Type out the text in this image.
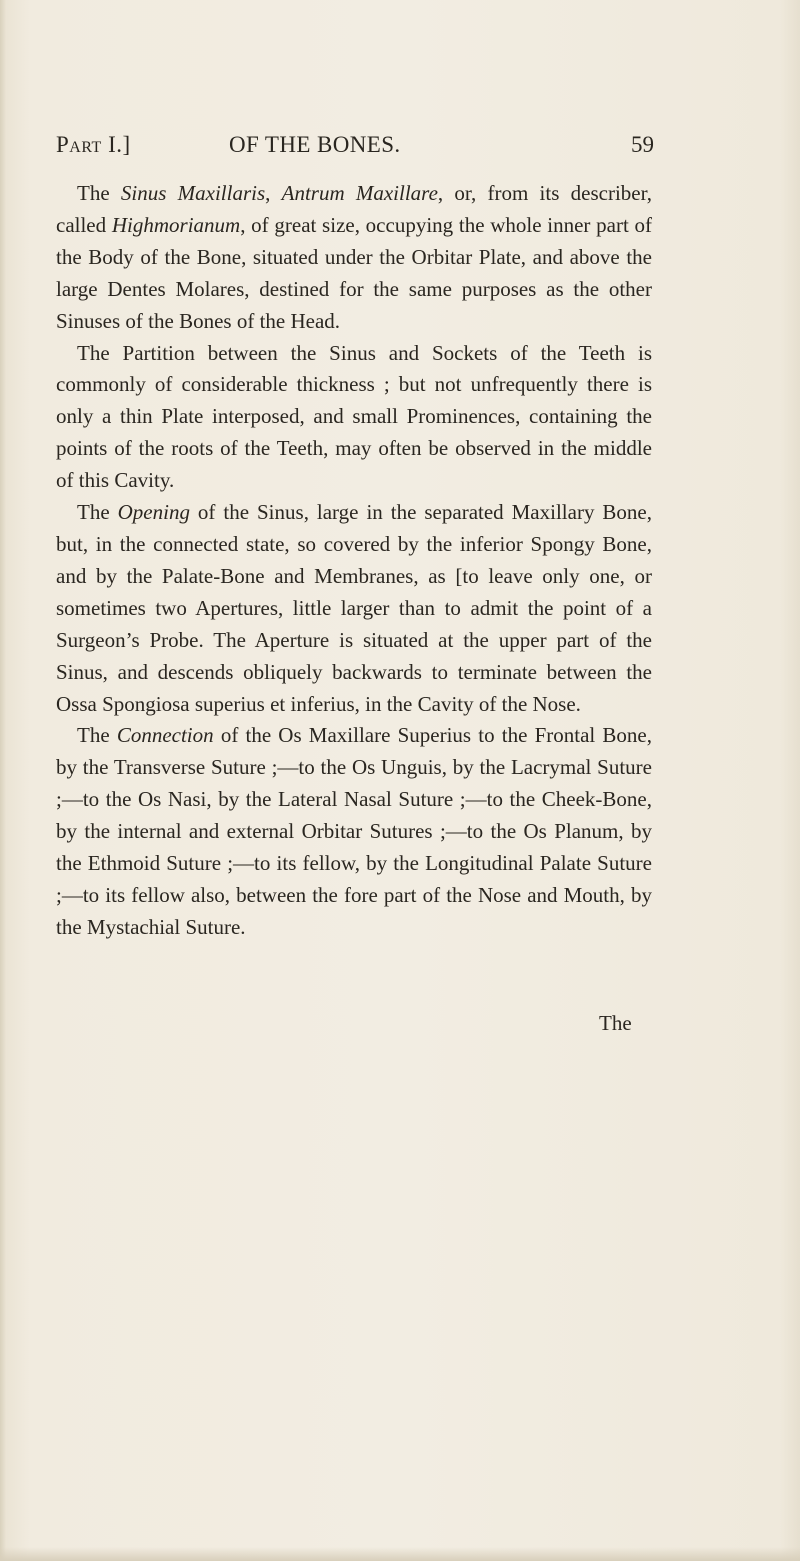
Part I.]	OF THE BONES.	59

The Sinus Maxillaris, Antrum Maxillare, or, from its describer, called Highmorianum, of great size, occupying the whole inner part of the Body of the Bone, situated under the Orbitar Plate, and above the large Dentes Molares, destined for the same purposes as the other Sinuses of the Bones of the Head.

The Partition between the Sinus and Sockets of the Teeth is commonly of considerable thickness ; but not unfrequently there is only a thin Plate interposed, and small Prominences, containing the points of the roots of the Teeth, may often be observed in the middle of this Cavity.

The Opening of the Sinus, large in the separated Maxillary Bone, but, in the connected state, so covered by the inferior Spongy Bone, and by the Palate-Bone and Membranes, as [to leave only one, or sometimes two Apertures, little larger than to admit the point of a Surgeon’s Probe. The Aperture is situated at the upper part of the Sinus, and descends obliquely backwards to terminate between the Ossa Spongiosa superius et inferius, in the Cavity of the Nose.

The Connection of the Os Maxillare Superius to the Frontal Bone, by the Transverse Suture ;—to the Os Unguis, by the Lacrymal Suture ;—to the Os Nasi, by the Lateral Nasal Suture ;—to the Cheek-Bone, by the internal and external Orbitar Sutures ;—to the Os Planum, by the Ethmoid Suture ;—to its fellow, by the Longitudinal Palate Suture ;—to its fellow also, between the fore part of the Nose and Mouth, by the Mystachial Suture.

The
